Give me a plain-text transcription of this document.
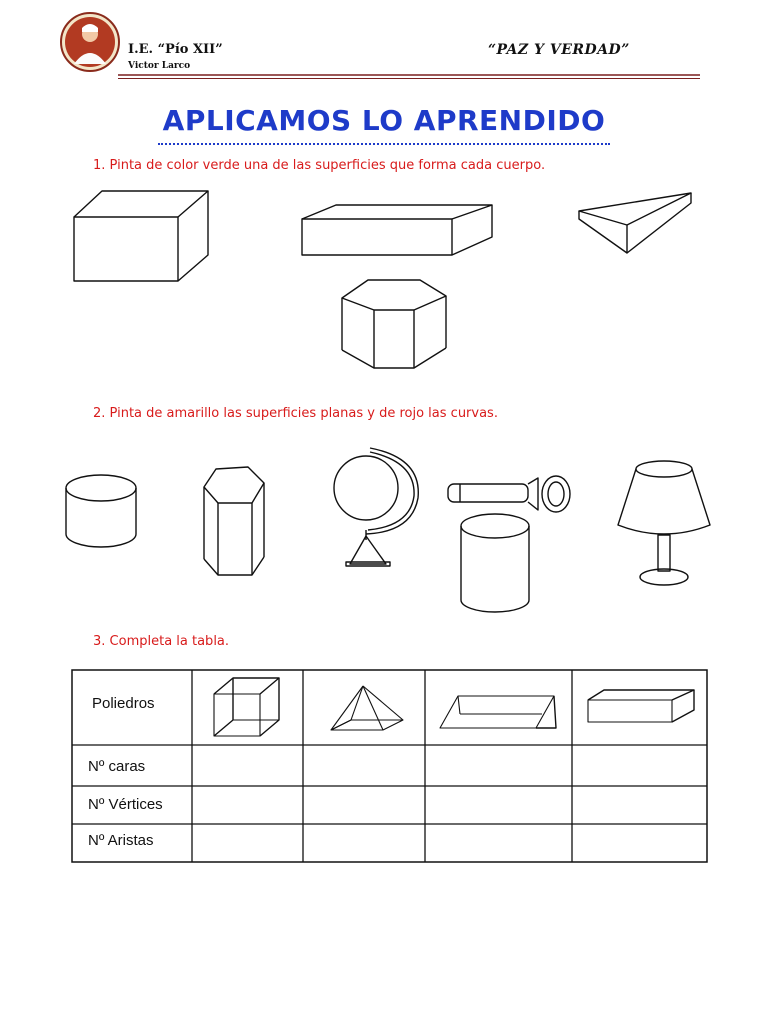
I.E. “Pío XII”
Victor Larco
“PAZ Y VERDAD”
APLICAMOS LO APRENDIDO
1. Pinta de color verde una de las superficies que forma cada cuerpo.
2. Pinta de amarillo las superficies planas y de rojo las curvas.
3. Completa la tabla.
Poliedros
Nº caras
Nº Vértices
Nº Aristas
